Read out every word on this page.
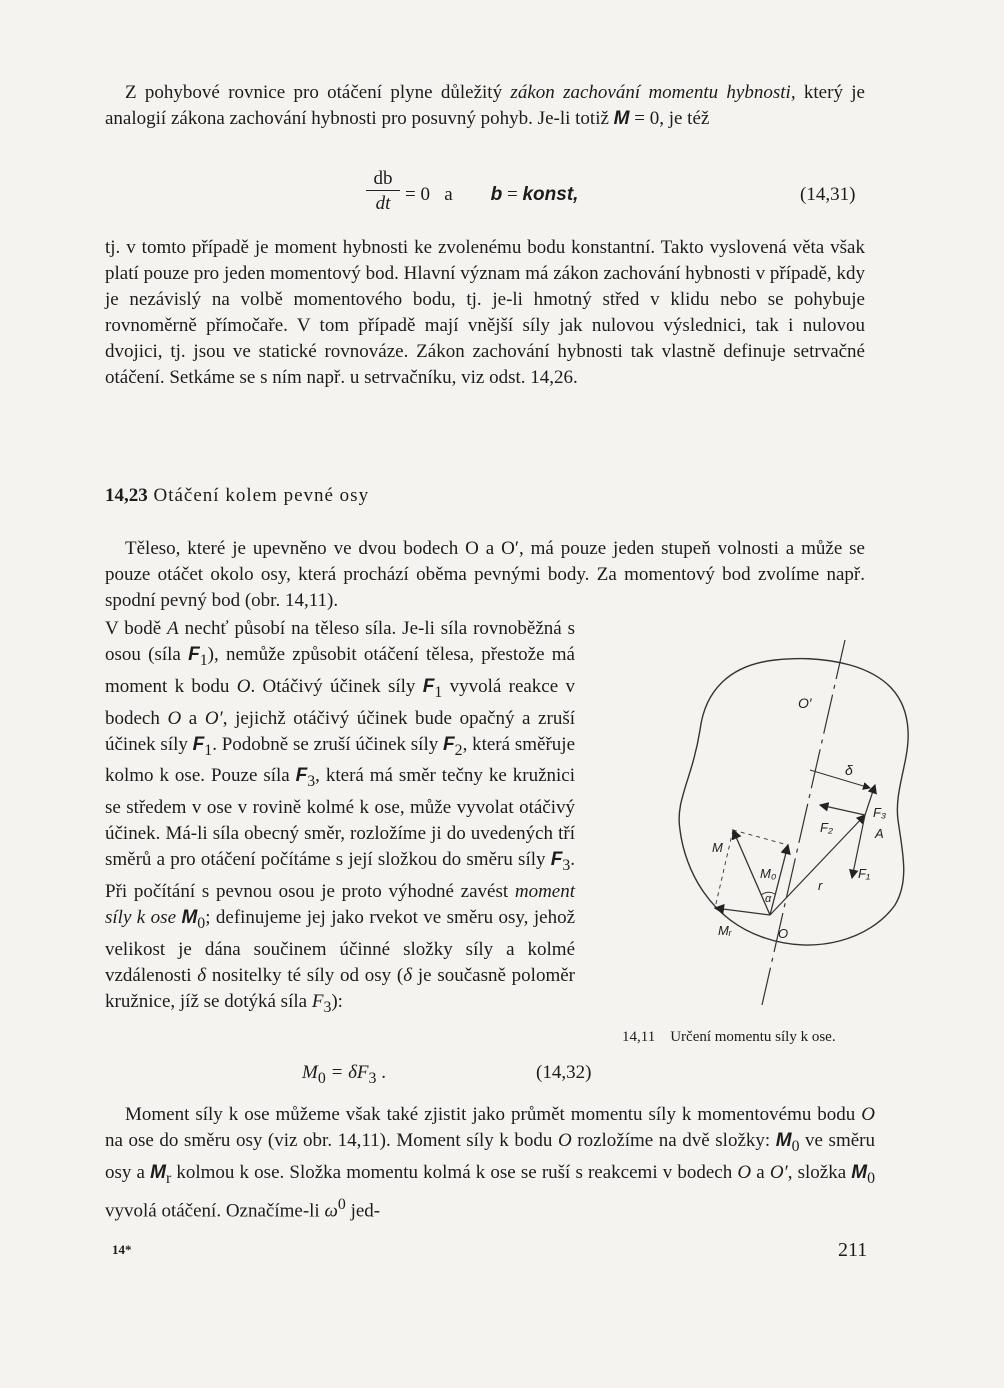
Z pohybové rovnice pro otáčení plyne důležitý zákon zachování momentu hybnosti, který je analogií zákona zachování hybnosti pro posuvný pohyb. Je-li totiž M = 0, je též

$\frac{db}{dt} = 0$   a b = konst,	(14,31)

tj. v tomto případě je moment hybnosti ke zvolenému bodu konstantní. Takto vyslovená věta však platí pouze pro jeden momentový bod. Hlavní význam má zákon zachování hybnosti v případě, kdy je nezávislý na volbě momentového bodu, tj. je-li hmotný střed v klidu nebo se pohybuje rovnoměrně přímočaře. V tom případě mají vnější síly jak nulovou výslednici, tak i nulovou dvojici, tj. jsou ve statické rovnováze. Zákon zachování hybnosti tak vlastně definuje setrvačné otáčení. Setkáme se s ním např. u setrvačníku, viz odst. 14,26.

14,23 Otáčení kolem pevné osy

Těleso, které je upevněno ve dvou bodech O a O′, má pouze jeden stupeň volnosti a může se pouze otáčet okolo osy, která prochází oběma pevnými body. Za momentový bod zvolíme např. spodní pevný bod (obr. 14,11).

V bodě A nechť působí na těleso síla. Je-li síla rovnoběžná s osou (síla $F_1$), nemůže způsobit otáčení tělesa, přestože má moment k bodu O. Otáčivý účinek síly $F_1$ vyvolá reakce v bodech O a O′, jejichž otáčivý účinek bude opačný a zruší účinek síly $F_1$. Podobně se zruší účinek síly $F_2$, která směřuje kolmo k ose. Pouze síla $F_3$, která má směr tečny ke kružnici se středem v ose v rovině kolmé k ose, může vyvolat otáčivý účinek. Má-li síla obecný směr, rozložíme ji do uvedených tří směrů a pro otáčení počítáme s její složkou do směru síly $F_3$. Při počítání s pevnou osou je proto výhodné zavést moment síly k ose $M_0$; definujeme jej jako rvekot ve směru osy, jehož velikost je dána součinem účinné složky síly a kolmé vzdálenosti δ nositelky té síly od osy (δ je současně poloměr kružnice, jíž se dotýká síla $F_3$):

$M_0 = \delta F_3$ .	(14,32)
O′
δ
A
F₁
F₂
F₃
M
M₀
α
r
Mᵣ	O
14,11 Určení momentu síly k ose.

Moment síly k ose můžeme však také zjistit jako průmět momentu síly k momentovému bodu O na ose do směru osy (viz obr. 14,11). Moment síly k bodu O rozložíme na dvě složky: $M_0$ ve směru osy a $M_r$ kolmou k ose. Složka momentu kolmá k ose se ruší s reakcemi v bodech O a O′, složka $M_0$ vyvolá otáčení. Označíme-li $\omega^0$ jed-

14*	211
